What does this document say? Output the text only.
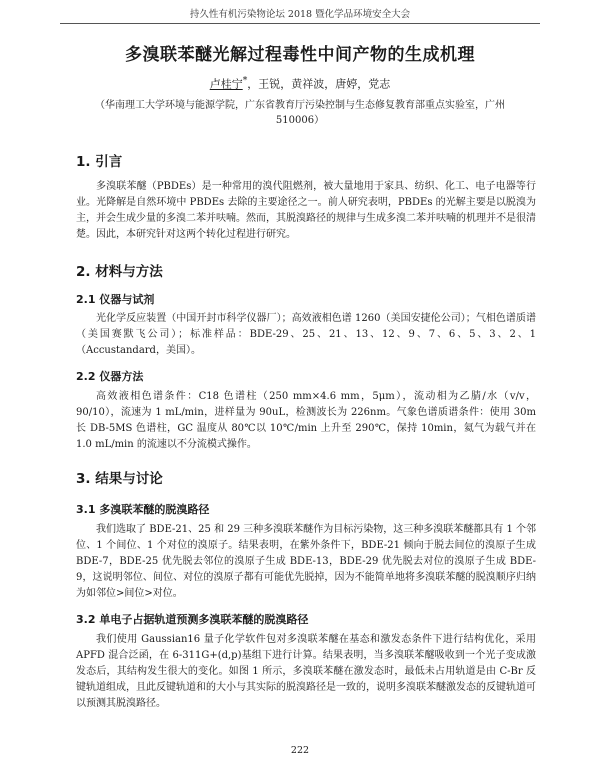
持久性有机污染物论坛 2018 暨化学品环境安全大会
多溴联苯醚光解过程毒性中间产物的生成机理
卢桂宁*，王锐，黄祥波，唐婷，党志
（华南理工大学环境与能源学院，广东省教育厅污染控制与生态修复教育部重点实验室，广州 510006）
1. 引言
多溴联苯醚（PBDEs）是一种常用的溴代阻燃剂，被大量地用于家具、纺织、化工、电子电器等行业。光降解是自然环境中 PBDEs 去除的主要途径之一。前人研究表明，PBDEs 的光解主要是以脱溴为主，并会生成少量的多溴二苯并呋喃。然而，其脱溴路径的规律与生成多溴二苯并呋喃的机理并不是很清楚。因此，本研究针对这两个转化过程进行研究。
2. 材料与方法
2.1 仪器与试剂
光化学反应装置（中国开封市科学仪器厂）；高效液相色谱 1260（美国安捷伦公司）；气相色谱质谱（美国赛默飞公司）；标准样品：BDE-29、25、21、13、12、9、7、6、5、3、2、1（Accustandard，美国）。
2.2 仪器方法
高效液相色谱条件：C18 色谱柱（250 mm×4.6 mm，5μm），流动相为乙腈/水（v/v，90/10），流速为 1 mL/min，进样量为 90uL，检测波长为 226nm。气象色谱质谱条件：使用 30m 长 DB-5MS 色谱柱，GC 温度从 80℃以 10℃/min 上升至 290℃，保持 10min，氦气为载气并在 1.0 mL/min 的流速以不分流模式操作。
3. 结果与讨论
3.1 多溴联苯醚的脱溴路径
我们选取了 BDE-21、25 和 29 三种多溴联苯醚作为目标污染物，这三种多溴联苯醚都具有 1 个邻位、1 个间位、1 个对位的溴原子。结果表明，在紫外条件下，BDE-21 倾向于脱去间位的溴原子生成 BDE-7，BDE-25 优先脱去邻位的溴原子生成 BDE-13，BDE-29 优先脱去对位的溴原子生成 BDE-9，这说明邻位、间位、对位的溴原子都有可能优先脱掉，因为不能简单地将多溴联苯醚的脱溴顺序归纳为如邻位>间位>对位。
3.2 单电子占据轨道预测多溴联苯醚的脱溴路径
我们使用 Gaussian16 量子化学软件包对多溴联苯醚在基态和激发态条件下进行结构优化，采用 APFD 混合泛函，在 6-311G+(d,p)基组下进行计算。结果表明，当多溴联苯醚吸收到一个光子变成激发态后，其结构发生很大的变化。如图 1 所示，多溴联苯醚在激发态时，最低未占用轨道是由 C-Br 反键轨道组成，且此反键轨道和的大小与其实际的脱溴路径是一致的，说明多溴联苯醚激发态的反键轨道可以预测其脱溴路径。
222
